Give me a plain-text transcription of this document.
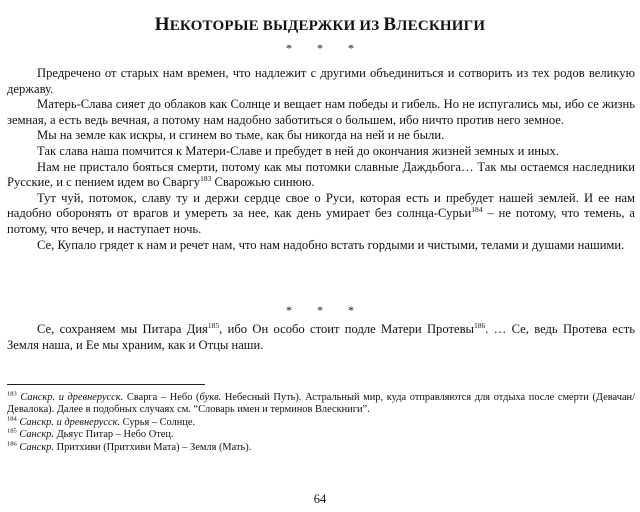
НЕКОТОРЫЕ ВЫДЕРЖКИ ИЗ ВЛЕСКНИГИ
* * *

Предречено от старых нам времен, что надлежит с другими объединиться и сотворить из тех родов великую державу.

Матерь-Слава сияет до облаков как Солнце и вещает нам победы и гибель. Но не испугались мы, ибо се жизнь земная, а есть ведь вечная, а потому нам надобно заботиться о большем, ибо ничто против него земное.

Мы на земле как искры, и сгинем во тьме, как бы никогда на ней и не были.

Так слава наша помчится к Матери-Славе и пребудет в ней до окончания жизней земных и иных.

Нам не пристало бояться смерти, потому как мы потомки славные Даждьбога… Так мы остаемся наследники Русские, и с пением идем во Сваргу$^{183}$ Сварожью синюю.

Тут чуй, потомок, славу ту и держи сердце свое о Руси, которая есть и пребудет нашей землей. И ее нам надобно оборонять от врагов и умереть за нее, как день умирает без солнца-Сурьи$^{184}$ – не потому, что темень, а потому, что вечер, и наступает ночь.

Се, Купало грядет к нам и речет нам, что нам надобно встать гордыми и чистыми, телами и душами нашими.

* * *

Се, сохраняем мы Питара Дия$^{185}$, ибо Он особо стоит подле Матери Протевы$^{186}$. … Се, ведь Протева есть Земля наша, и Ее мы храним, как и Отцы наши.

$^{183}$ Санскр. и древнерусск. Сварга – Небо (букв. Небесный Путь). Астральный мир, куда отправляются для отдыха после смерти (Девачан/ Девалока). Далее в подобных случаях см. “Словарь имен и терминов Влескниги”.

$^{184}$ Санскр. и древнерусск. Сурья – Солнце.

$^{185}$ Санскр. Дьяус Питар – Небо Отец.

$^{186}$ Санскр. Притхиви (Притхиви Мата) – Земля (Мать).

64
